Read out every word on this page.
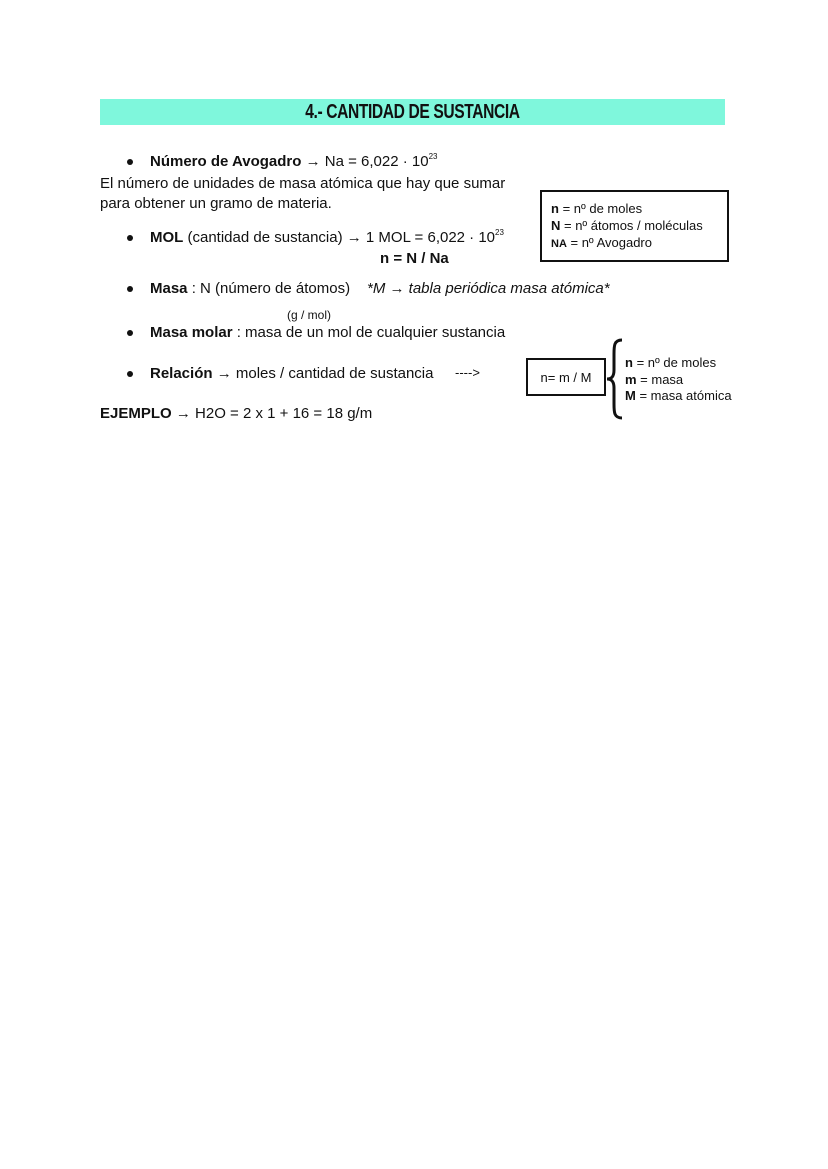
4.- CANTIDAD DE SUSTANCIA
Número de Avogadro → $Na = 6,022 \cdot 10^{23}$
El número de unidades de masa atómica que hay que sumar
para obtener un gramo de materia.	n = nº de moles
N = nº átomos / moléculas
NA = nº Avogadro
MOL (cantidad de sustancia) → 1 MOL = $6,022 \cdot 10^{23}$
n = N / Na
Masa : N (número de átomos) *M → tabla periódica masa atómica*
(g / mol)
Masa molar : masa de un mol de cualquier sustancia
Relación → moles / cantidad de sustancia ---->	n= m / M
n = nº de moles
m = masa
M = masa atómica
EJEMPLO → H2O = 2 x 1 + 16 = 18 g/m
